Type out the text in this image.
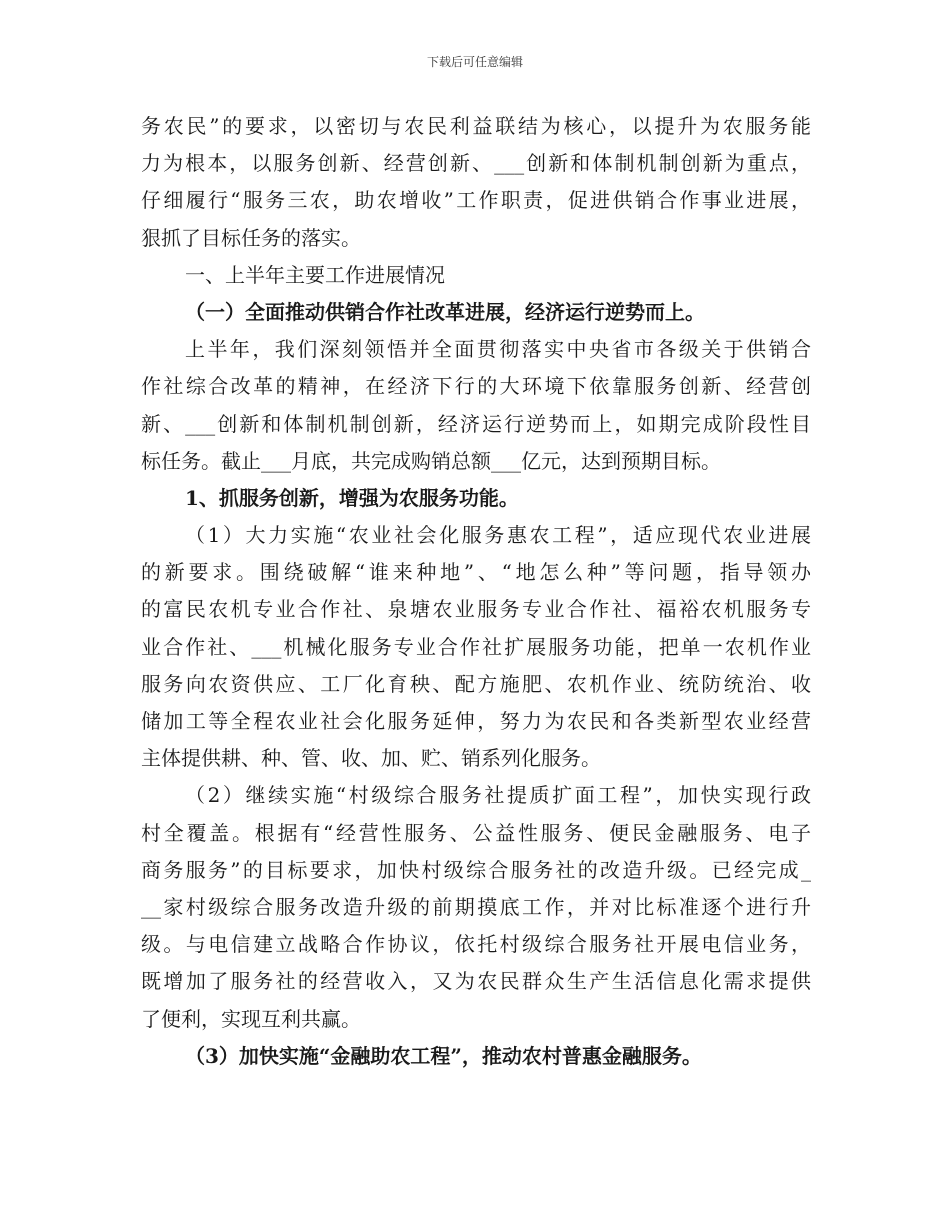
下载后可任意编辑
务农民”的要求，以密切与农民利益联结为核心，以提升为农服务能
力为根本，以服务创新、经营创新、___创新和体制机制创新为重点，
仔细履行“服务三农，助农增收”工作职责，促进供销合作事业进展，
狠抓了目标任务的落实。
一、上半年主要工作进展情况
（一）全面推动供销合作社改革进展，经济运行逆势而上。
上半年，我们深刻领悟并全面贯彻落实中央省市各级关于供销合
作社综合改革的精神，在经济下行的大环境下依靠服务创新、经营创
新、___创新和体制机制创新，经济运行逆势而上，如期完成阶段性目
标任务。截止___月底，共完成购销总额___亿元，达到预期目标。
1、抓服务创新，增强为农服务功能。
（1）大力实施“农业社会化服务惠农工程”，适应现代农业进展
的新要求。围绕破解“谁来种地”、“地怎么种”等问题，指导领办
的富民农机专业合作社、泉塘农业服务专业合作社、福裕农机服务专
业合作社、___机械化服务专业合作社扩展服务功能，把单一农机作业
服务向农资供应、工厂化育秧、配方施肥、农机作业、统防统治、收
储加工等全程农业社会化服务延伸，努力为农民和各类新型农业经营
主体提供耕、种、管、收、加、贮、销系列化服务。
（2）继续实施“村级综合服务社提质扩面工程”，加快实现行政
村全覆盖。根据有“经营性服务、公益性服务、便民金融服务、电子
商务服务”的目标要求，加快村级综合服务社的改造升级。已经完成_
__家村级综合服务改造升级的前期摸底工作，并对比标准逐个进行升
级。与电信建立战略合作协议，依托村级综合服务社开展电信业务，
既增加了服务社的经营收入，又为农民群众生产生活信息化需求提供
了便利，实现互利共赢。
（3）加快实施“金融助农工程”，推动农村普惠金融服务。
